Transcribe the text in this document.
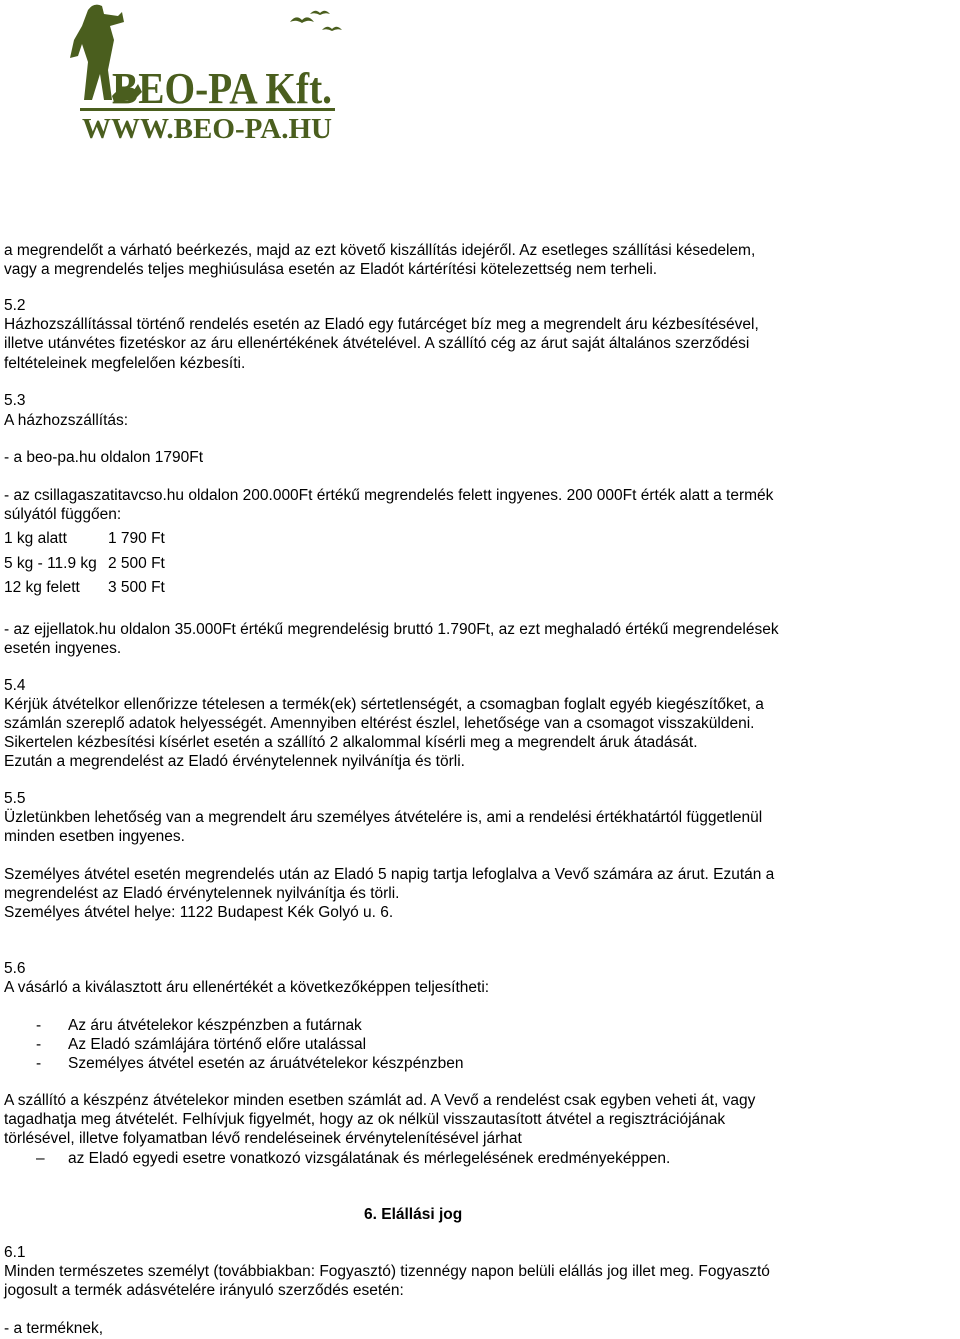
BEO-PA Kft.
WWW.BEO-PA.HU
a megrendelőt a várható beérkezés, majd az ezt követő kiszállítás idejéről. Az esetleges szállítási késedelem,
vagy a megrendelés teljes meghiúsulása esetén az Eladót kártérítési kötelezettség nem terheli.
5.2
Házhozszállítással történő rendelés esetén az Eladó egy futárcéget bíz meg a megrendelt áru kézbesítésével,
illetve utánvétes fizetéskor az áru ellenértékének átvételével. A szállító cég az árut saját általános szerződési
feltételeinek megfelelően kézbesíti.
5.3
A házhozszállítás:
- a beo-pa.hu oldalon 1790Ft
- az csillagaszatitavcso.hu oldalon 200.000Ft értékű megrendelés felett ingyenes. 200 000Ft érték alatt a termék
súlyától függően:
1 kg alatt	1 790 Ft
5 kg - 11.9 kg 2 500 Ft
12 kg felett 3 500 Ft
- az ejjellatok.hu oldalon 35.000Ft értékű megrendelésig bruttó 1.790Ft, az ezt meghaladó értékű megrendelések
esetén ingyenes.
5.4
Kérjük átvételkor ellenőrizze tételesen a termék(ek) sértetlenségét, a csomagban foglalt egyéb kiegészítőket, a
számlán szereplő adatok helyességét. Amennyiben eltérést észlel, lehetősége van a csomagot visszaküldeni.
Sikertelen kézbesítési kísérlet esetén a szállító 2 alkalommal kísérli meg a megrendelt áruk átadását.
Ezután a megrendelést az Eladó érvénytelennek nyilvánítja és törli.
5.5
Üzletünkben lehetőség van a megrendelt áru személyes átvételére is, ami a rendelési értékhatártól függetlenül
minden esetben ingyenes.
Személyes átvétel esetén megrendelés után az Eladó 5 napig tartja lefoglalva a Vevő számára az árut. Ezután a
megrendelést az Eladó érvénytelennek nyilvánítja és törli.
Személyes átvétel helye: 1122 Budapest Kék Golyó u. 6.
5.6
A vásárló a kiválasztott áru ellenértékét a következőképpen teljesítheti:
- Az áru átvételekor készpénzben a futárnak
- Az Eladó számlájára történő előre utalással
- Személyes átvétel esetén az áruátvételekor készpénzben
A szállító a készpénz átvételekor minden esetben számlát ad. A Vevő a rendelést csak egyben veheti át, vagy
tagadhatja meg átvételét. Felhívjuk figyelmét, hogy az ok nélkül visszautasított átvétel a regisztrációjának
törlésével, illetve folyamatban lévő rendeléseinek érvénytelenítésével járhat
– az Eladó egyedi esetre vonatkozó vizsgálatának és mérlegelésének eredményeképpen.
6. Elállási jog
6.1
Minden természetes személyt (továbbiakban: Fogyasztó) tizennégy napon belüli elállás jog illet meg. Fogyasztó
jogosult a termék adásvételére irányuló szerződés esetén:
- a terméknek,
